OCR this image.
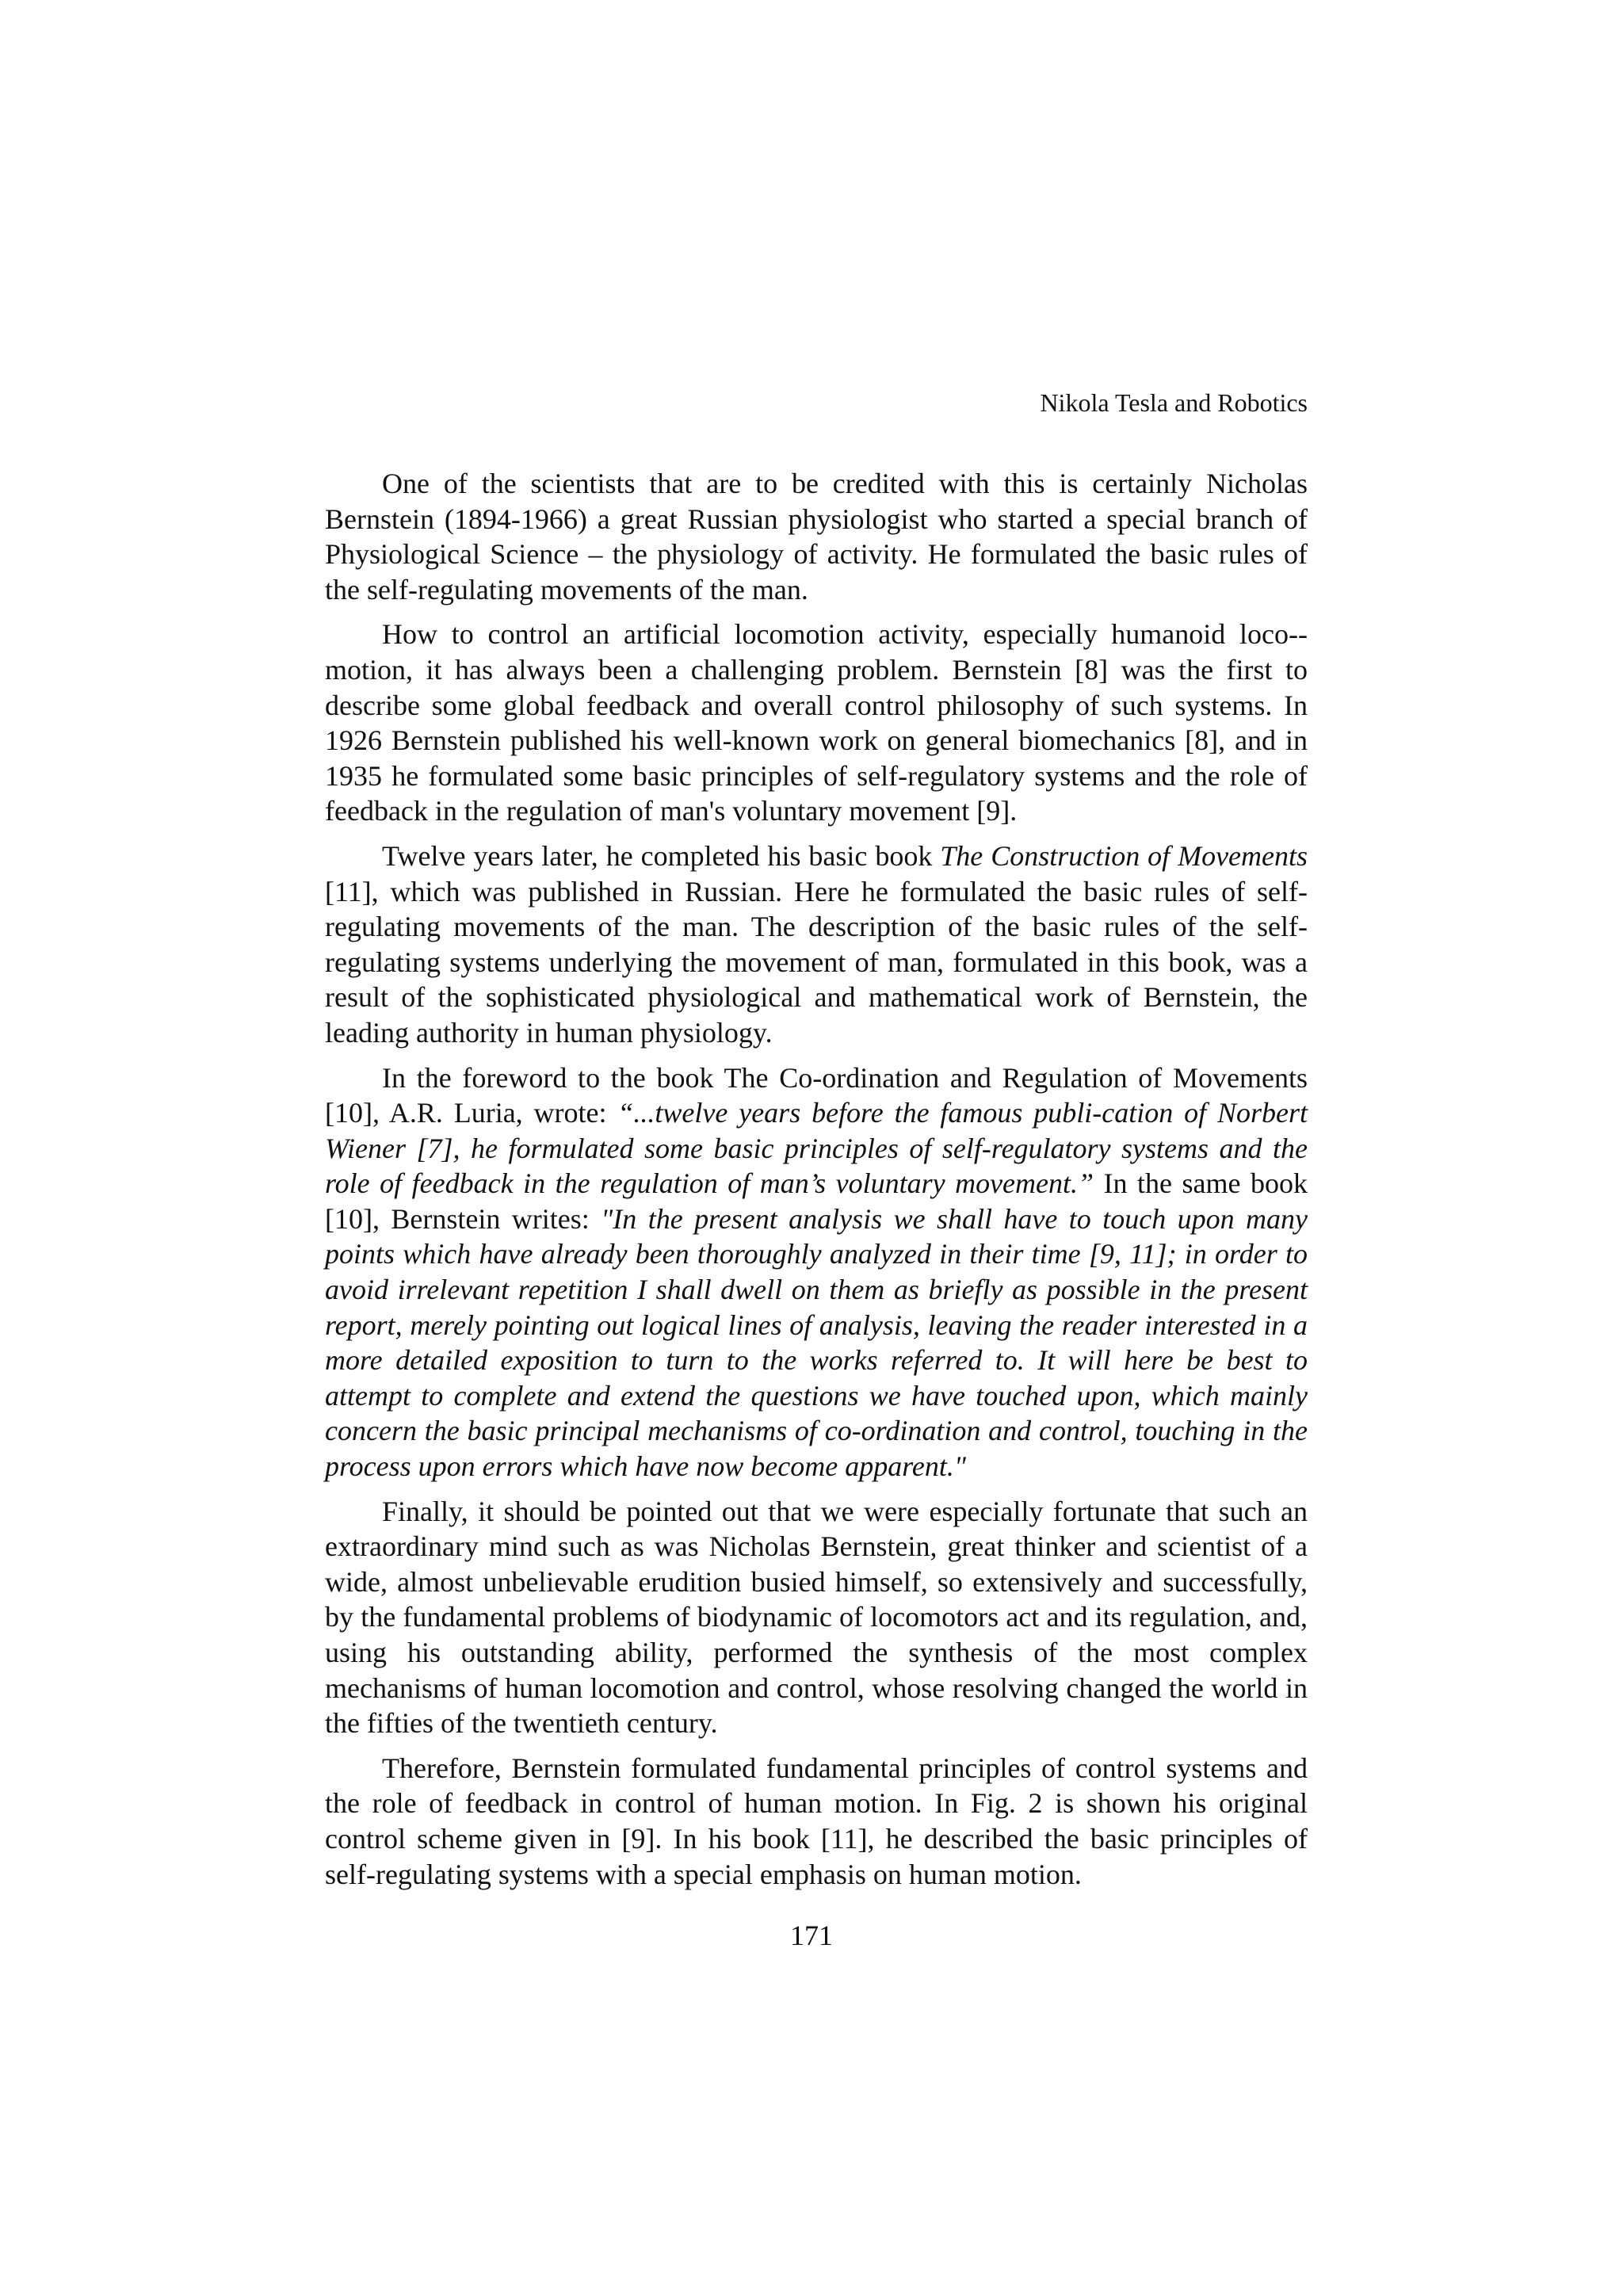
Nikola Tesla and Robotics

One of the scientists that are to be credited with this is certainly Nicholas Bernstein (1894-1966) a great Russian physiologist who started a special branch of Physiological Science – the physiology of activity. He formulated the basic rules of the self-regulating movements of the man.

How to control an artificial locomotion activity, especially humanoid loco-motion, it has always been a challenging problem. Bernstein [8] was the first to describe some global feedback and overall control philosophy of such systems. In 1926 Bernstein published his well-known work on general biomechanics [8], and in 1935 he formulated some basic principles of self-regulatory systems and the role of feedback in the regulation of man's voluntary movement [9].

Twelve years later, he completed his basic book The Construction of Movements [11], which was published in Russian. Here he formulated the basic rules of self-regulating movements of the man. The description of the basic rules of the self-regulating systems underlying the movement of man, formulated in this book, was a result of the sophisticated physiological and mathematical work of Bernstein, the leading authority in human physiology.

In the foreword to the book The Co-ordination and Regulation of Movements [10], A.R. Luria, wrote: “...twelve years before the famous publi-cation of Norbert Wiener [7], he formulated some basic principles of self-regulatory systems and the role of feedback in the regulation of man’s voluntary movement.” In the same book [10], Bernstein writes: "In the present analysis we shall have to touch upon many points which have already been thoroughly analyzed in their time [9, 11]; in order to avoid irrelevant repetition I shall dwell on them as briefly as possible in the present report, merely pointing out logical lines of analysis, leaving the reader interested in a more detailed exposition to turn to the works referred to. It will here be best to attempt to complete and extend the questions we have touched upon, which mainly concern the basic principal mechanisms of co-ordination and control, touching in the process upon errors which have now become apparent."

Finally, it should be pointed out that we were especially fortunate that such an extraordinary mind such as was Nicholas Bernstein, great thinker and scientist of a wide, almost unbelievable erudition busied himself, so extensively and successfully, by the fundamental problems of biodynamic of locomotors act and its regulation, and, using his outstanding ability, performed the synthesis of the most complex mechanisms of human locomotion and control, whose resolving changed the world in the fifties of the twentieth century.

Therefore, Bernstein formulated fundamental principles of control systems and the role of feedback in control of human motion. In Fig. 2 is shown his original control scheme given in [9]. In his book [11], he described the basic principles of self-regulating systems with a special emphasis on human motion.

171
